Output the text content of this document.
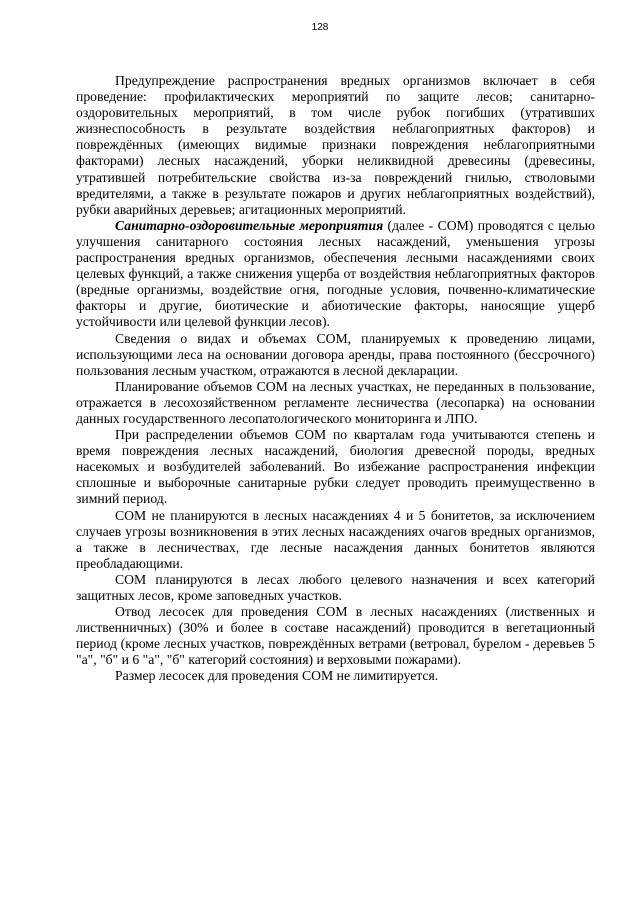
128

Предупреждение распространения вредных организмов включает в себя проведение: профилактических мероприятий по защите лесов; санитарно-оздоровительных мероприятий, в том числе рубок погибших (утративших жизнеспособность в результате воздействия неблагоприятных факторов) и повреждённых (имеющих видимые признаки повреждения неблагоприятными факторами) лесных насаждений, уборки неликвидной древесины (древесины, утратившей потребительские свойства из-за повреждений гнилью, стволовыми вредителями, а также в результате пожаров и других неблагоприятных воздействий), рубки аварийных деревьев; агитационных мероприятий.

Санитарно-оздоровительные мероприятия (далее - СОМ) проводятся с целью улучшения санитарного состояния лесных насаждений, уменьшения угрозы распространения вредных организмов, обеспечения лесными насаждениями своих целевых функций, а также снижения ущерба от воздействия неблагоприятных факторов (вредные организмы, воздействие огня, погодные условия, почвенно-климатические факторы и другие, биотические и абиотические факторы, наносящие ущерб устойчивости или целевой функции лесов).

Сведения о видах и объемах СОМ, планируемых к проведению лицами, использующими леса на основании договора аренды, права постоянного (бессрочного) пользования лесным участком, отражаются в лесной декларации.

Планирование объемов СОМ на лесных участках, не переданных в пользование, отражается в лесохозяйственном регламенте лесничества (лесопарка) на основании данных государственного лесопатологического мониторинга и ЛПО.

При распределении объемов СОМ по кварталам года учитываются степень и время повреждения лесных насаждений, биология древесной породы, вредных насекомых и возбудителей заболеваний. Во избежание распространения инфекции сплошные и выборочные санитарные рубки следует проводить преимущественно в зимний период.

СОМ не планируются в лесных насаждениях 4 и 5 бонитетов, за исключением случаев угрозы возникновения в этих лесных насаждениях очагов вредных организмов, а также в лесничествах, где лесные насаждения данных бонитетов являются преобладающими.

СОМ планируются в лесах любого целевого назначения и всех категорий защитных лесов, кроме заповедных участков.

Отвод лесосек для проведения СОМ в лесных насаждениях (лиственных и лиственничных) (30% и более в составе насаждений) проводится в вегетационный период (кроме лесных участков, повреждённых ветрами (ветровал, бурелом - деревьев 5 "а", "б" и 6 "а", "б" категорий состояния) и верховыми пожарами).

Размер лесосек для проведения СОМ не лимитируется.
